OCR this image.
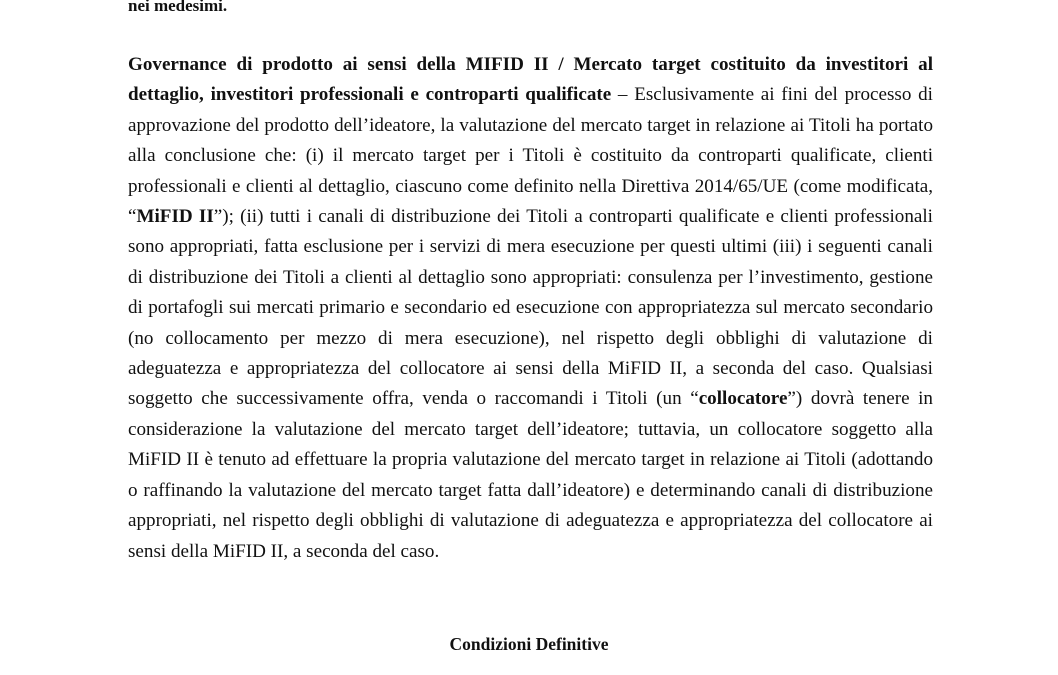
nei medesimi.

Governance di prodotto ai sensi della MIFID II / Mercato target costituito da investitori al dettaglio, investitori professionali e controparti qualificate – Esclusivamente ai fini del processo di approvazione del prodotto dell’ideatore, la valutazione del mercato target in relazione ai Titoli ha portato alla conclusione che: (i) il mercato target per i Titoli è costituito da controparti qualificate, clienti professionali e clienti al dettaglio, ciascuno come definito nella Direttiva 2014/65/UE (come modificata, “MiFID II”); (ii) tutti i canali di distribuzione dei Titoli a controparti qualificate e clienti professionali sono appropriati, fatta esclusione per i servizi di mera esecuzione per questi ultimi (iii) i seguenti canali di distribuzione dei Titoli a clienti al dettaglio sono appropriati: consulenza per l’investimento, gestione di portafogli sui mercati primario e secondario ed esecuzione con appropriatezza sul mercato secondario (no collocamento per mezzo di mera esecuzione), nel rispetto degli obblighi di valutazione di adeguatezza e appropriatezza del collocatore ai sensi della MiFID II, a seconda del caso. Qualsiasi soggetto che successivamente offra, venda o raccomandi i Titoli (un “collocatore”) dovrà tenere in considerazione la valutazione del mercato target dell’ideatore; tuttavia, un collocatore soggetto alla MiFID II è tenuto ad effettuare la propria valutazione del mercato target in relazione ai Titoli (adottando o raffinando la valutazione del mercato target fatta dall’ideatore) e determinando canali di distribuzione appropriati, nel rispetto degli obblighi di valutazione di adeguatezza e appropriatezza del collocatore ai sensi della MiFID II, a seconda del caso.

Condizioni Definitive
